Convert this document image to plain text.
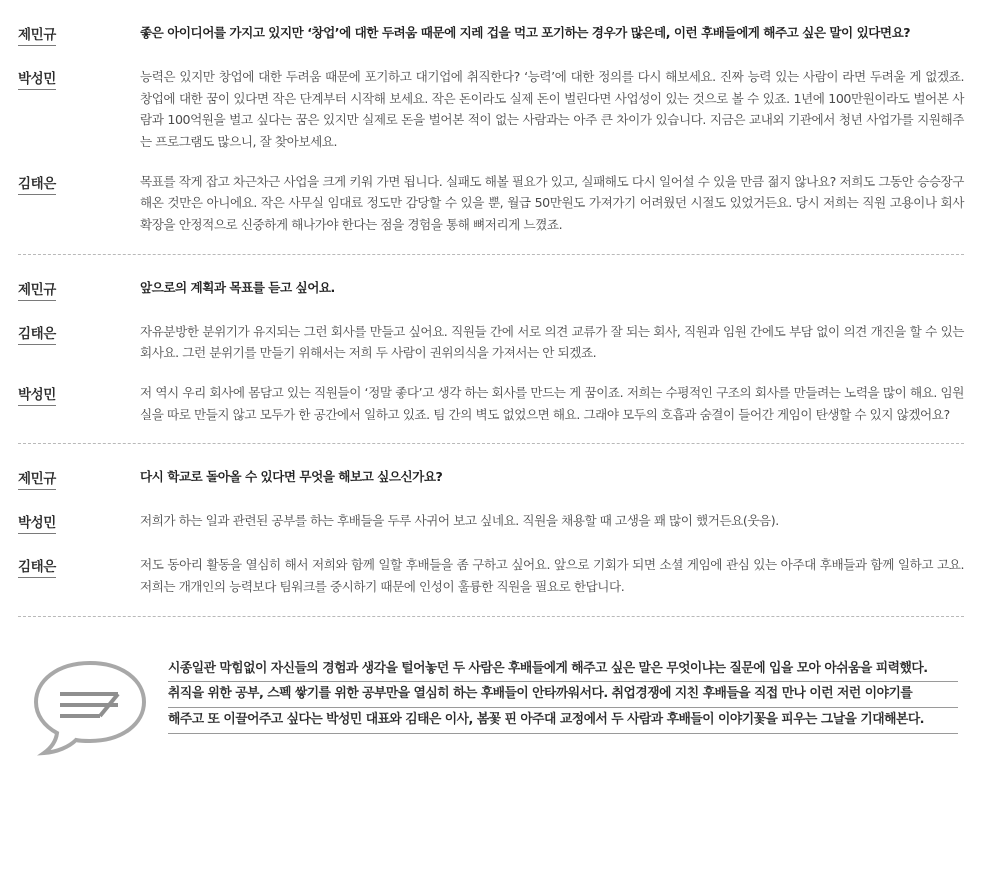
제민규	좋은 아이디어를 가지고 있지만 ‘창업’에 대한 두려움 때문에 지레 겁을 먹고 포기하는 경우가 많은데, 이런 후배들에게 해주고 싶은 말이 있다면요?
박성민	능력은 있지만 창업에 대한 두려움 때문에 포기하고 대기업에 취직한다? ‘능력’에 대한 정의를 다시 해보세요. 진짜 능력 있는 사람이 라면 두려울 게 없겠죠. 창업에 대한 꿈이 있다면 작은 단계부터 시작해 보세요. 작은 돈이라도 실제 돈이 벌린다면 사업성이 있는 것으로 볼 수 있죠. 1년에 100만원이라도 벌어본 사람과 100억원을 벌고 싶다는 꿈은 있지만 실제로 돈을 벌어본 적이 없는 사람과는 아주 큰 차이가 있습니다. 지금은 교내외 기관에서 청년 사업가를 지원해주는 프로그램도 많으니, 잘 찾아보세요.
김태은	목표를 작게 잡고 차근차근 사업을 크게 키워 가면 됩니다. 실패도 해볼 필요가 있고, 실패해도 다시 일어설 수 있을 만큼 젊지 않나요? 저희도 그동안 승승장구해온 것만은 아니에요. 작은 사무실 임대료 정도만 감당할 수 있을 뿐, 월급 50만원도 가져가기 어려웠던 시절도 있었거든요. 당시 저희는 직원 고용이나 회사 확장을 안정적으로 신중하게 해나가야 한다는 점을 경험을 통해 뼈저리게 느꼈죠.
제민규	앞으로의 계획과 목표를 듣고 싶어요.
김태은	자유분방한 분위기가 유지되는 그런 회사를 만들고 싶어요. 직원들 간에 서로 의견 교류가 잘 되는 회사, 직원과 임원 간에도 부담 없이 의견 개진을 할 수 있는 회사요. 그런 분위기를 만들기 위해서는 저희 두 사람이 권위의식을 가져서는 안 되겠죠.
박성민	저 역시 우리 회사에 몸담고 있는 직원들이 ‘정말 좋다’고 생각 하는 회사를 만드는 게 꿈이죠. 저희는 수평적인 구조의 회사를 만들려는 노력을 많이 해요. 임원실을 따로 만들지 않고 모두가 한 공간에서 일하고 있죠. 팀 간의 벽도 없었으면 해요. 그래야 모두의 호흡과 숨결이 들어간 게임이 탄생할 수 있지 않겠어요?
제민규	다시 학교로 돌아올 수 있다면 무엇을 해보고 싶으신가요?
박성민	저희가 하는 일과 관련된 공부를 하는 후배들을 두루 사귀어 보고 싶네요. 직원을 채용할 때 고생을 꽤 많이 했거든요(웃음).
김태은	저도 동아리 활동을 열심히 해서 저희와 함께 일할 후배들을 좀 구하고 싶어요. 앞으로 기회가 되면 소셜 게임에 관심 있는 아주대 후배들과 함께 일하고 고요. 저희는 개개인의 능력보다 팀워크를 중시하기 때문에 인성이 훌륭한 직원을 필요로 한답니다.
시종일관 막힘없이 자신들의 경험과 생각을 털어놓던 두 사람은 후배들에게 해주고 싶은 말은 무엇이냐는 질문에 입을 모아 아쉬움을 피력했다.
취직을 위한 공부, 스펙 쌓기를 위한 공부만을 열심히 하는 후배들이 안타까워서다. 취업경쟁에 지친 후배들을 직접 만나 이런 저런 이야기를
해주고 또 이끌어주고 싶다는 박성민 대표와 김태은 이사, 봄꽃 핀 아주대 교정에서 두 사람과 후배들이 이야기꽃을 피우는 그날을 기대해본다.
